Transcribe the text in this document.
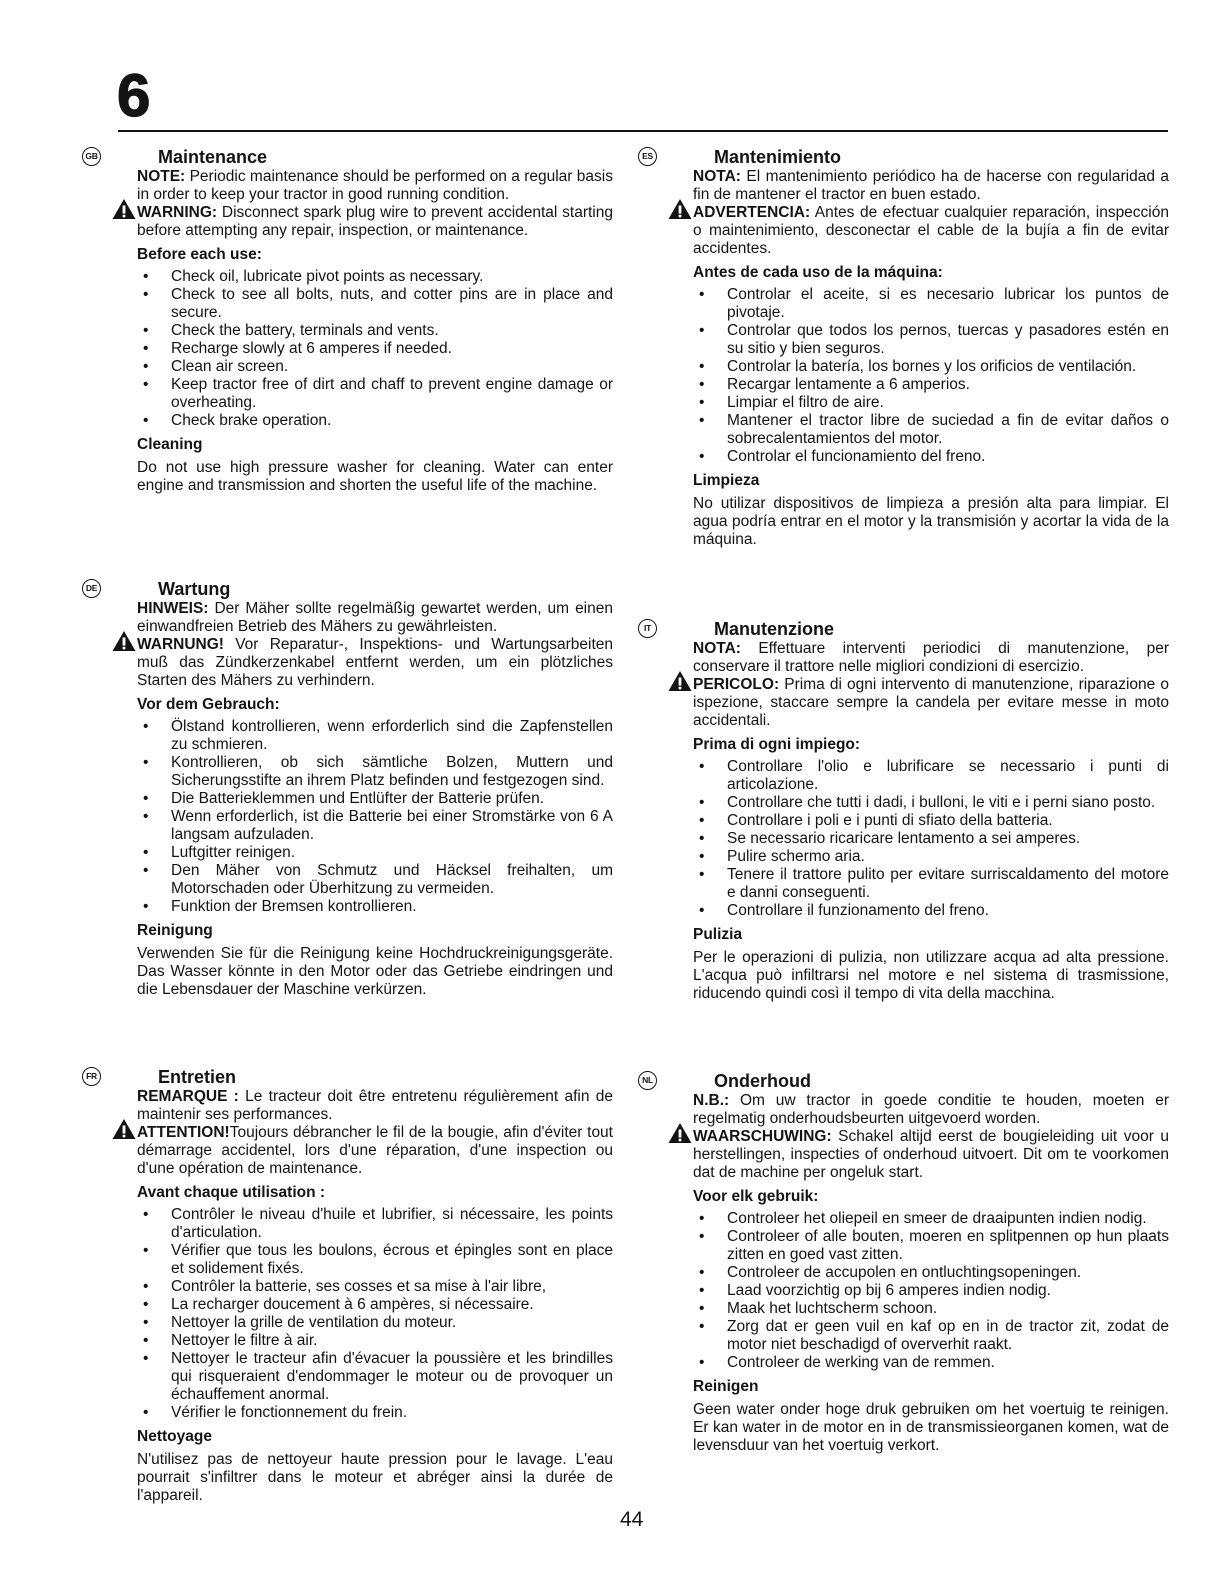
6
GB	Maintenance

NOTE: Periodic maintenance should be performed on a regular basis in order to keep your tractor in good running condition.

WARNING: Disconnect spark plug wire to prevent accidental starting before attempting any repair, inspection, or maintenance.

Before each use:
• Check oil, lubricate pivot points as necessary.
• Check to see all bolts, nuts, and cotter pins are in place and secure.
• Check the battery, terminals and vents.
• Recharge slowly at 6 amperes if needed.
• Clean air screen.
• Keep tractor free of dirt and chaff to prevent engine damage or overheating.
• Check brake operation.
Cleaning

Do not use high pressure washer for cleaning. Water can enter engine and transmission and shorten the useful life of the machine.

DE	Wartung

HINWEIS: Der Mäher sollte regelmäßig gewartet werden, um einen einwandfreien Betrieb des Mähers zu gewährleisten.

WARNUNG! Vor Reparatur-, Inspektions- und Wartungsarbeiten muß das Zündkerzenkabel entfernt werden, um ein plötzliches Starten des Mähers zu verhindern.

Vor dem Gebrauch:
• Ölstand kontrollieren, wenn erforderlich sind die Zapfenstellen zu schmieren.
• Kontrollieren, ob sich sämtliche Bolzen, Muttern und Sicherungsstifte an ihrem Platz befinden und festgezogen sind.
• Die Batterieklemmen und Entlüfter der Batterie prüfen.
• Wenn erforderlich, ist die Batterie bei einer Stromstärke von 6 A langsam aufzuladen.
• Luftgitter reinigen.
• Den Mäher von Schmutz und Häcksel freihalten, um Motorschaden oder Überhitzung zu vermeiden.
• Funktion der Bremsen kontrollieren.
Reinigung

Verwenden Sie für die Reinigung keine Hochdruckreinigungsgeräte. Das Wasser könnte in den Motor oder das Getriebe eindringen und die Lebensdauer der Maschine verkürzen.

FR	Entretien

REMARQUE : Le tracteur doit être entretenu régulièrement afin de maintenir ses performances.

ATTENTION!Toujours débrancher le fil de la bougie, afin d'éviter tout démarrage accidentel, lors d'une réparation, d'une inspection ou d'une opération de maintenance.

Avant chaque utilisation :
• Contrôler le niveau d'huile et lubrifier, si nécessaire, les points d'articulation.
• Vérifier que tous les boulons, écrous et épingles sont en place et solidement fixés.
• Contrôler la batterie, ses cosses et sa mise à l'air libre,
• La recharger doucement à 6 ampères, si nécessaire.
• Nettoyer la grille de ventilation du moteur.
• Nettoyer le filtre à air.
• Nettoyer le tracteur afin d'évacuer la poussière et les brindilles qui risqueraient d'endommager le moteur ou de provoquer un échauffement anormal.
• Vérifier le fonctionnement du frein.
Nettoyage

N'utilisez pas de nettoyeur haute pression pour le lavage. L'eau pourrait s'infiltrer dans le moteur et abréger ainsi la durée de l'appareil.

ES	Mantenimiento

NOTA: El mantenimiento periódico ha de hacerse con regularidad a fin de mantener el tractor en buen estado.

ADVERTENCIA: Antes de efectuar cualquier reparación, inspección o maintenimiento, desconectar el cable de la bujía a fin de evitar accidentes.

Antes de cada uso de la máquina:
• Controlar el aceite, si es necesario lubricar los puntos de pivotaje.
• Controlar que todos los pernos, tuercas y pasadores estén en su sitio y bien seguros.
• Controlar la batería, los bornes y los orificios de ventilación.
• Recargar lentamente a 6 amperios.
• Limpiar el filtro de aire.
• Mantener el tractor libre de suciedad a fin de evitar daños o sobrecalentamientos del motor.
• Controlar el funcionamiento del freno.
Limpieza

No utilizar dispositivos de limpieza a presión alta para limpiar. El agua podría entrar en el motor y la transmisión y acortar la vida de la máquina.

IT	Manutenzione

NOTA: Effettuare interventi periodici di manutenzione, per conservare il trattore nelle migliori condizioni di esercizio.

PERICOLO: Prima di ogni intervento di manutenzione, riparazione o ispezione, staccare sempre la candela per evitare messe in moto accidentali.

Prima di ogni impiego:
• Controllare l'olio e lubrificare se necessario i punti di articolazione.
• Controllare che tutti i dadi, i bulloni, le viti e i perni siano posto.
• Controllare i poli e i punti di sfiato della batteria.
• Se necessario ricaricare lentamento a sei amperes.
• Pulire schermo aria.
• Tenere il trattore pulito per evitare surriscaldamento del motore e danni conseguenti.
• Controllare il funzionamento del freno.
Pulizia

Per le operazioni di pulizia, non utilizzare acqua ad alta pressione. L'acqua può infiltrarsi nel motore e nel sistema di trasmissione, riducendo quindi così il tempo di vita della macchina.

NL	Onderhoud

N.B.: Om uw tractor in goede conditie te houden, moeten er regelmatig onderhoudsbeurten uitgevoerd worden.

WAARSCHUWING: Schakel altijd eerst de bougieleiding uit voor u herstellingen, inspecties of onderhoud uitvoert. Dit om te voorkomen dat de machine per ongeluk start.

Voor elk gebruik:
• Controleer het oliepeil en smeer de draaipunten indien nodig.
• Controleer of alle bouten, moeren en splitpennen op hun plaats zitten en goed vast zitten.
• Controleer de accupolen en ontluchtingsopeningen.
• Laad voorzichtig op bij 6 amperes indien nodig.
• Maak het luchtscherm schoon.
• Zorg dat er geen vuil en kaf op en in de tractor zit, zodat de motor niet beschadigd of oververhit raakt.
• Controleer de werking van de remmen.
Reinigen

Geen water onder hoge druk gebruiken om het voertuig te reinigen. Er kan water in de motor en in de transmissieorganen komen, wat de levensduur van het voertuig verkort.

44
